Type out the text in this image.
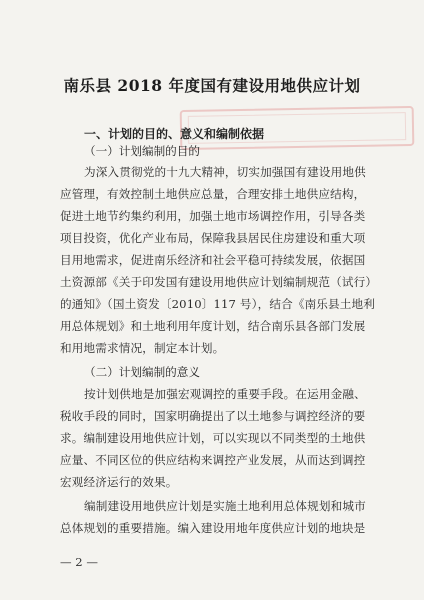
南乐县 2018 年度国有建设用地供应计划
一、计划的目的、意义和编制依据
（一）计划编制的目的
为深入贯彻党的十九大精神，切实加强国有建设用地供
应管理，有效控制土地供应总量，合理安排土地供应结构，
促进土地节约集约利用，加强土地市场调控作用，引导各类
项目投资，优化产业布局，保障我县居民住房建设和重大项
目用地需求，促进南乐经济和社会平稳可持续发展，依据国
土资源部《关于印发国有建设用地供应计划编制规范（试行）
的通知》（国土资发〔2010〕117 号），结合《南乐县土地利
用总体规划》和土地利用年度计划，结合南乐县各部门发展
和用地需求情况，制定本计划。
（二）计划编制的意义
按计划供地是加强宏观调控的重要手段。在运用金融、
税收手段的同时，国家明确提出了以土地参与调控经济的要
求。编制建设用地供应计划，可以实现以不同类型的土地供
应量、不同区位的供应结构来调控产业发展，从而达到调控
宏观经济运行的效果。
编制建设用地供应计划是实施土地利用总体规划和城市
总体规划的重要措施。编入建设用地年度供应计划的地块是
— 2 —
